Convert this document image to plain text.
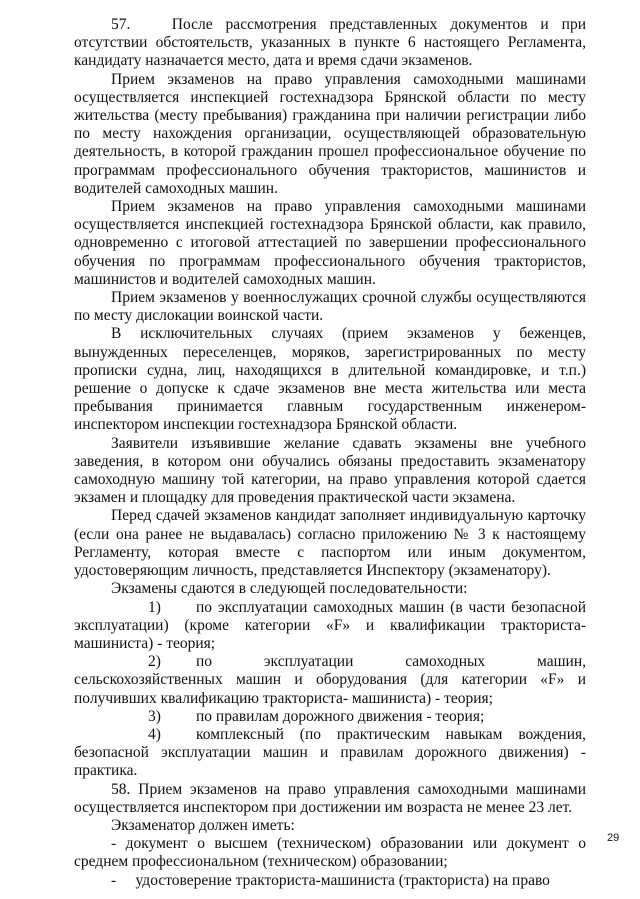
57.   После рассмотрения представленных документов и при отсутствии обстоятельств, указанных в пункте 6 настоящего Регламента, кандидату назначается место, дата и время сдачи экзаменов.

Прием экзаменов на право управления самоходными машинами осуществляется инспекцией гостехнадзора Брянской области по месту жительства (месту пребывания) гражданина при наличии регистрации либо по месту нахождения организации, осуществляющей образовательную деятельность, в которой гражданин прошел профессиональное обучение по программам профессионального обучения трактористов, машинистов и водителей самоходных машин.

Прием экзаменов на право управления самоходными машинами осуществляется инспекцией гостехнадзора Брянской области, как правило, одновременно с итоговой аттестацией по завершении профессионального обучения по программам профессионального обучения трактористов, машинистов и водителей самоходных машин.

Прием экзаменов у военнослужащих срочной службы осуществляются по месту дислокации воинской части.

В исключительных случаях (прием экзаменов у беженцев, вынужденных переселенцев, моряков, зарегистрированных по месту прописки судна, лиц, находящихся в длительной командировке, и т.п.) решение о допуске к сдаче экзаменов вне места жительства или места пребывания принимается главным государственным инженером-инспектором инспекции гостехнадзора Брянской области.

Заявители изъявившие желание сдавать экзамены вне учебного заведения, в котором они обучались обязаны предоставить экзаменатору самоходную машину той категории, на право управления которой сдается экзамен и площадку для проведения практической части экзамена.

Перед сдачей экзаменов кандидат заполняет индивидуальную карточку (если она ранее не выдавалась) согласно приложению № 3 к настоящему Регламенту, которая вместе с паспортом или иным документом, удостоверяющим личность, представляется Инспектору (экзаменатору).

Экзамены сдаются в следующей последовательности:

1) по эксплуатации самоходных машин (в части безопасной эксплуатации) (кроме категории «F» и квалификации тракториста-машиниста) - теория;

2) по эксплуатации самоходных машин, сельскохозяйственных машин и оборудования (для категории «F» и получивших квалификацию тракториста- машиниста) - теория;

3) по правилам дорожного движения - теория;

4) комплексный (по практическим навыкам вождения, безопасной эксплуатации машин и правилам дорожного движения) - практика.

58. Прием экзаменов на право управления самоходными машинами осуществляется инспектором при достижении им возраста не менее 23 лет.

Экзаменатор должен иметь:

- документ о высшем (техническом) образовании или документ о среднем профессиональном (техническом) образовании;

-  удостоверение тракториста-машиниста (тракториста) на право

29
